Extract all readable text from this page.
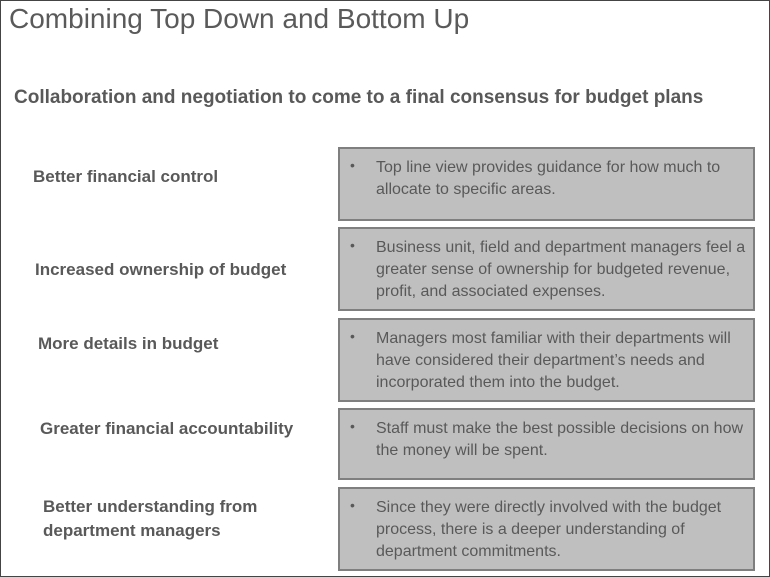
Combining Top Down and Bottom Up
Collaboration and negotiation to come to a final consensus for budget plans
Better financial control
• Top line view provides guidance for how much to allocate to specific areas.
Increased ownership of budget
• Business unit, field and department managers feel a greater sense of ownership for budgeted revenue, profit, and associated expenses.
More details in budget	• Managers most familiar with their departments will have considered their department’s needs and incorporated them into the budget.
Greater financial accountability	• Staff must make the best possible decisions on how the money will be spent.
Better understanding from department managers
• Since they were directly involved with the budget process, there is a deeper understanding of department commitments.
